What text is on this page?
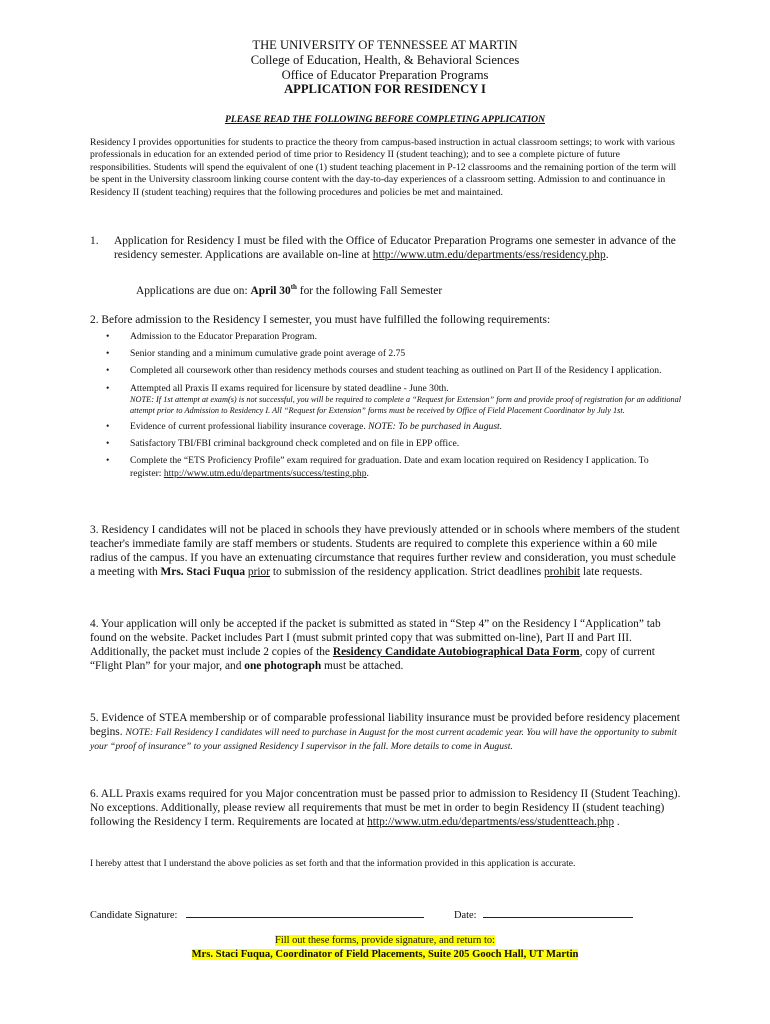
THE UNIVERSITY OF TENNESSEE AT MARTIN
College of Education, Health, & Behavioral Sciences
Office of Educator Preparation Programs
APPLICATION FOR RESIDENCY I
PLEASE READ THE FOLLOWING BEFORE COMPLETING APPLICATION
Residency I provides opportunities for students to practice the theory from campus-based instruction in actual classroom settings; to work with various professionals in education for an extended period of time prior to Residency II (student teaching); and to see a complete picture of future responsibilities. Students will spend the equivalent of one (1) student teaching placement in P-12 classrooms and the remaining portion of the term will be spent in the University classroom linking course content with the day-to-day experiences of a classroom setting. Admission to and continuance in Residency II (student teaching) requires that the following procedures and policies be met and maintained.
1.	Application for Residency I must be filed with the Office of Educator Preparation Programs one semester in advance of the residency semester. Applications are available on-line at http://www.utm.edu/departments/ess/residency.php.
Applications are due on: April 30th for the following Fall Semester
2. Before admission to the Residency I semester, you must have fulfilled the following requirements:
• Admission to the Educator Preparation Program.
• Senior standing and a minimum cumulative grade point average of 2.75
• Completed all coursework other than residency methods courses and student teaching as outlined on Part II of the Residency I application.
• Attempted all Praxis II exams required for licensure by stated deadline - June 30th.
NOTE: If 1st attempt at exam(s) is not successful, you will be required to complete a “Request for Extension” form and provide proof of registration for an additional attempt prior to Admission to Residency I. All “Request for Extension” forms must be received by Office of Field Placement Coordinator by July 1st.
• Evidence of current professional liability insurance coverage. NOTE: To be purchased in August.
• Satisfactory TBI/FBI criminal background check completed and on file in EPP office.
• Complete the “ETS Proficiency Profile” exam required for graduation. Date and exam location required on Residency I application. To register: http://www.utm.edu/departments/success/testing.php.
3. Residency I candidates will not be placed in schools they have previously attended or in schools where members of the student teacher's immediate family are staff members or students. Students are required to complete this experience within a 60 mile radius of the campus. If you have an extenuating circumstance that requires further review and consideration, you must schedule a meeting with Mrs. Staci Fuqua prior to submission of the residency application. Strict deadlines prohibit late requests.
4. Your application will only be accepted if the packet is submitted as stated in “Step 4” on the Residency I “Application” tab found on the website. Packet includes Part I (must submit printed copy that was submitted on-line), Part II and Part III. Additionally, the packet must include 2 copies of the Residency Candidate Autobiographical Data Form, copy of current “Flight Plan” for your major, and one photograph must be attached.
5. Evidence of STEA membership or of comparable professional liability insurance must be provided before residency placement begins. NOTE: Fall Residency I candidates will need to purchase in August for the most current academic year. You will have the opportunity to submit your “proof of insurance” to your assigned Residency I supervisor in the fall. More details to come in August.
6. ALL Praxis exams required for you Major concentration must be passed prior to admission to Residency II (Student Teaching). No exceptions. Additionally, please review all requirements that must be met in order to begin Residency II (student teaching) following the Residency I term. Requirements are located at http://www.utm.edu/departments/ess/studentteach.php .
I hereby attest that I understand the above policies as set forth and that the information provided in this application is accurate.
Candidate Signature:	Date:
Fill out these forms, provide signature, and return to:
Mrs. Staci Fuqua, Coordinator of Field Placements, Suite 205 Gooch Hall, UT Martin
